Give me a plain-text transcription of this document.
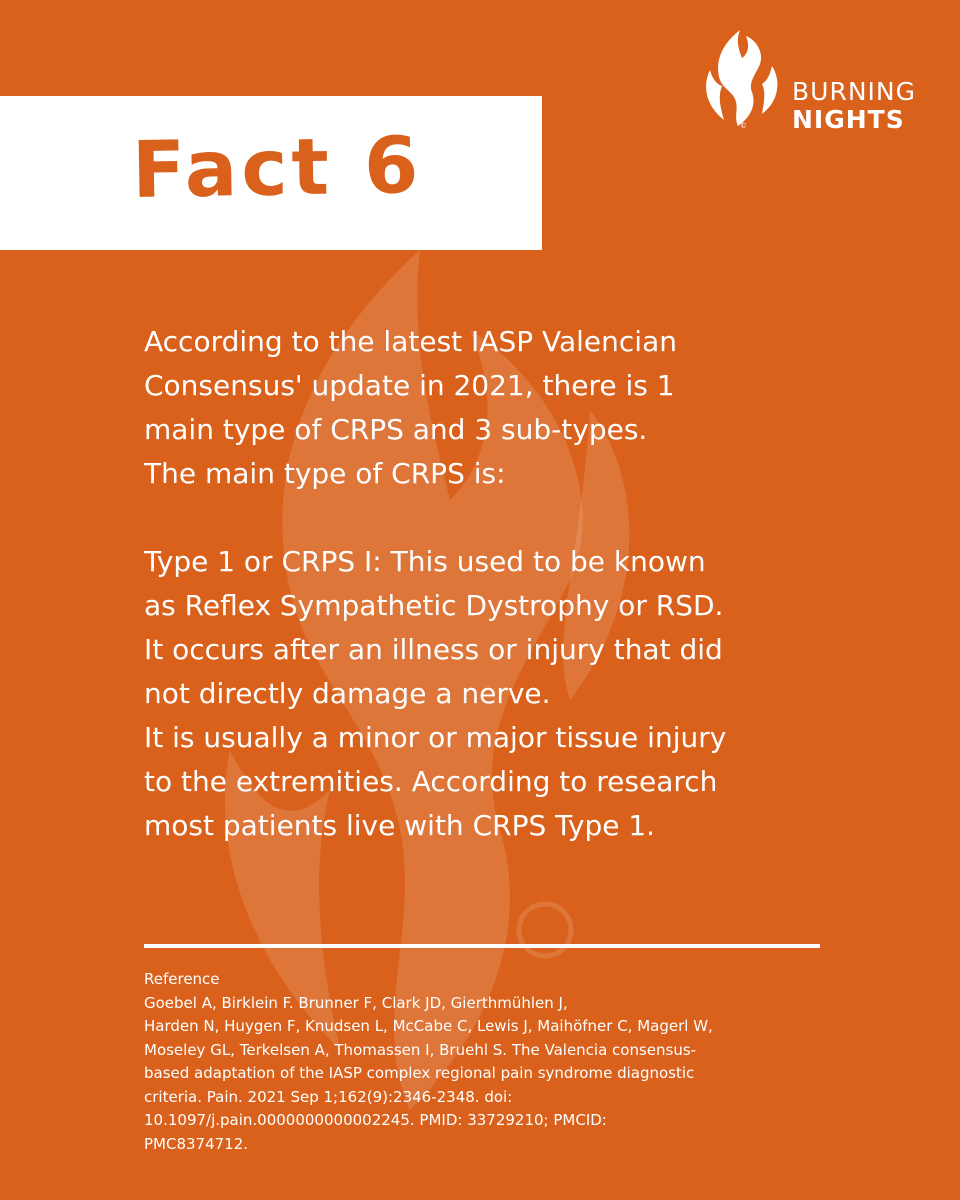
©
BURNING
NIGHTS
Fact 6

According to the latest IASP Valencian

Consensus' update in 2021, there is 1

main type of CRPS and 3 sub-types.

The main type of CRPS is:

Type 1 or CRPS I: This used to be known

as Reflex Sympathetic Dystrophy or RSD.

It occurs after an illness or injury that did

not directly damage a nerve.

It is usually a minor or major tissue injury

to the extremities. According to research

most patients live with CRPS Type 1.

Reference

Goebel A, Birklein F. Brunner F, Clark JD, Gierthmühlen J,

Harden N, Huygen F, Knudsen L, McCabe C, Lewis J, Maihöfner C, Magerl W,

Moseley GL, Terkelsen A, Thomassen I, Bruehl S. The Valencia consensus-

based adaptation of the IASP complex regional pain syndrome diagnostic

criteria. Pain. 2021 Sep 1;162(9):2346-2348. doi:

10.1097/j.pain.0000000000002245. PMID: 33729210; PMCID:

PMC8374712.
